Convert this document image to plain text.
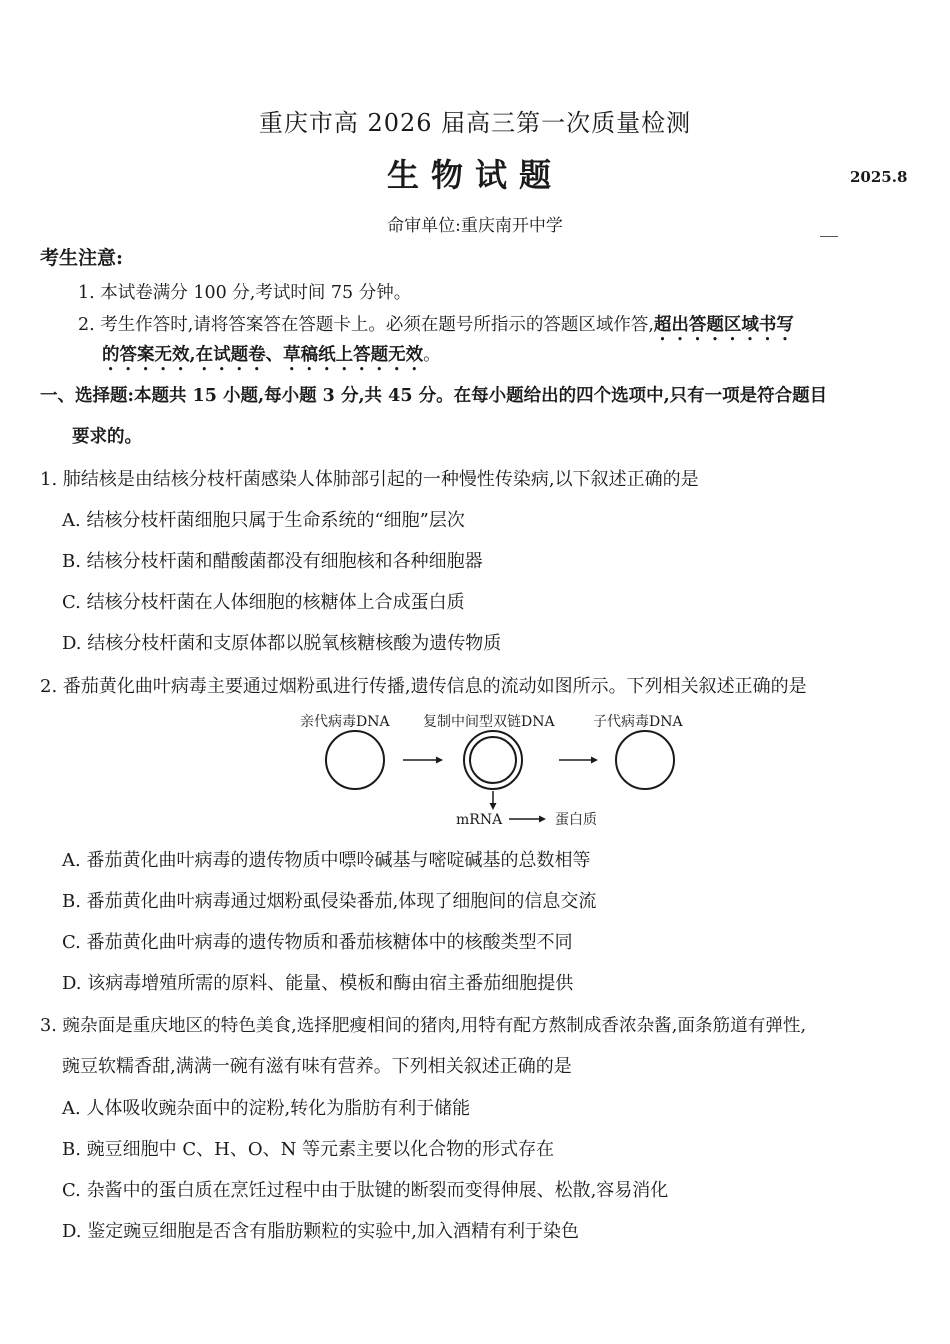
重庆市高 2026 届高三第一次质量检测
生物试题	2025.8
命审单位:重庆南开中学
考生注意:
1. 本试卷满分 100 分,考试时间 75 分钟。
2. 考生作答时,请将答案答在答题卡上。必须在题号所指示的答题区域作答,超出答题区域书写
的答案无效,在试题卷、草稿纸上答题无效。
一、选择题:本题共 15 小题,每小题 3 分,共 45 分。在每小题给出的四个选项中,只有一项是符合题目
要求的。
1. 肺结核是由结核分枝杆菌感染人体肺部引起的一种慢性传染病,以下叙述正确的是
A. 结核分枝杆菌细胞只属于生命系统的“细胞”层次
B. 结核分枝杆菌和醋酸菌都没有细胞核和各种细胞器
C. 结核分枝杆菌在人体细胞的核糖体上合成蛋白质
D. 结核分枝杆菌和支原体都以脱氧核糖核酸为遗传物质
2. 番茄黄化曲叶病毒主要通过烟粉虱进行传播,遗传信息的流动如图所示。下列相关叙述正确的是
亲代病毒DNA 复制中间型双链DNA	子代病毒DNA
mRNA	蛋白质
A. 番茄黄化曲叶病毒的遗传物质中嘌呤碱基与嘧啶碱基的总数相等
B. 番茄黄化曲叶病毒通过烟粉虱侵染番茄,体现了细胞间的信息交流
C. 番茄黄化曲叶病毒的遗传物质和番茄核糖体中的核酸类型不同
D. 该病毒增殖所需的原料、能量、模板和酶由宿主番茄细胞提供
3. 豌杂面是重庆地区的特色美食,选择肥瘦相间的猪肉,用特有配方熬制成香浓杂酱,面条筋道有弹性,
豌豆软糯香甜,满满一碗有滋有味有营养。下列相关叙述正确的是
A. 人体吸收豌杂面中的淀粉,转化为脂肪有利于储能
B. 豌豆细胞中 C、H、O、N 等元素主要以化合物的形式存在
C. 杂酱中的蛋白质在烹饪过程中由于肽键的断裂而变得伸展、松散,容易消化
D. 鉴定豌豆细胞是否含有脂肪颗粒的实验中,加入酒精有利于染色
